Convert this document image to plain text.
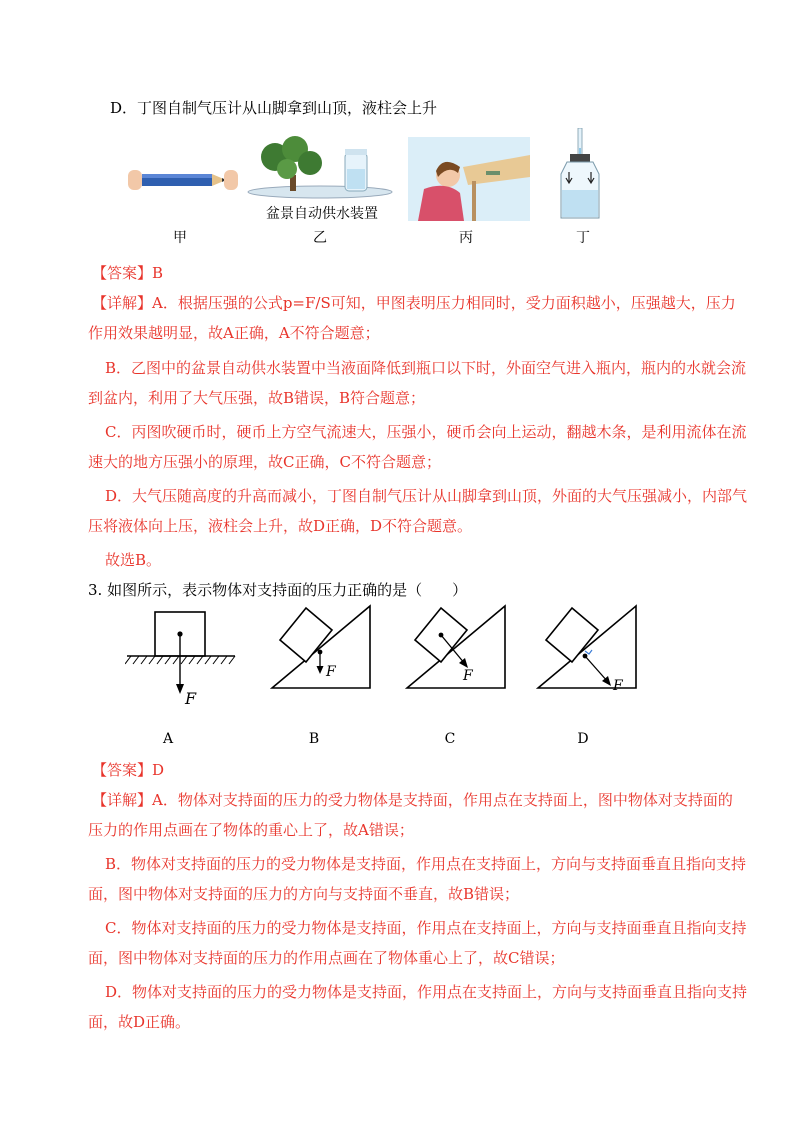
D．丁图自制气压计从山脚拿到山顶，液柱会上升
甲
盆景自动供水装置
乙	丙	丁
【答案】B
【详解】A．根据压强的公式p=F/S可知，甲图表明压力相同时，受力面积越小，压强越大，压力
作用效果越明显，故A正确，A不符合题意；
B．乙图中的盆景自动供水装置中当液面降低到瓶口以下时，外面空气进入瓶内，瓶内的水就会流
到盆内，利用了大气压强，故B错误，B符合题意；
C．丙图吹硬币时，硬币上方空气流速大，压强小，硬币会向上运动，翻越木条，是利用流体在流
速大的地方压强小的原理，故C正确，C不符合题意；
D．大气压随高度的升高而减小，丁图自制气压计从山脚拿到山顶，外面的大气压强减小，内部气
压将液体向上压，液柱会上升，故D正确，D不符合题意。
故选B。
3. 如图所示，表示物体对支持面的压力正确的是（　　）
F
A
F
B
F
C
F
D
【答案】D
【详解】A．物体对支持面的压力的受力物体是支持面，作用点在支持面上，图中物体对支持面的
压力的作用点画在了物体的重心上了，故A错误；
B．物体对支持面的压力的受力物体是支持面，作用点在支持面上，方向与支持面垂直且指向支持
面，图中物体对支持面的压力的方向与支持面不垂直，故B错误；
C．物体对支持面的压力的受力物体是支持面，作用点在支持面上，方向与支持面垂直且指向支持
面，图中物体对支持面的压力的作用点画在了物体重心上了，故C错误；
D．物体对支持面的压力的受力物体是支持面，作用点在支持面上，方向与支持面垂直且指向支持
面，故D正确。
